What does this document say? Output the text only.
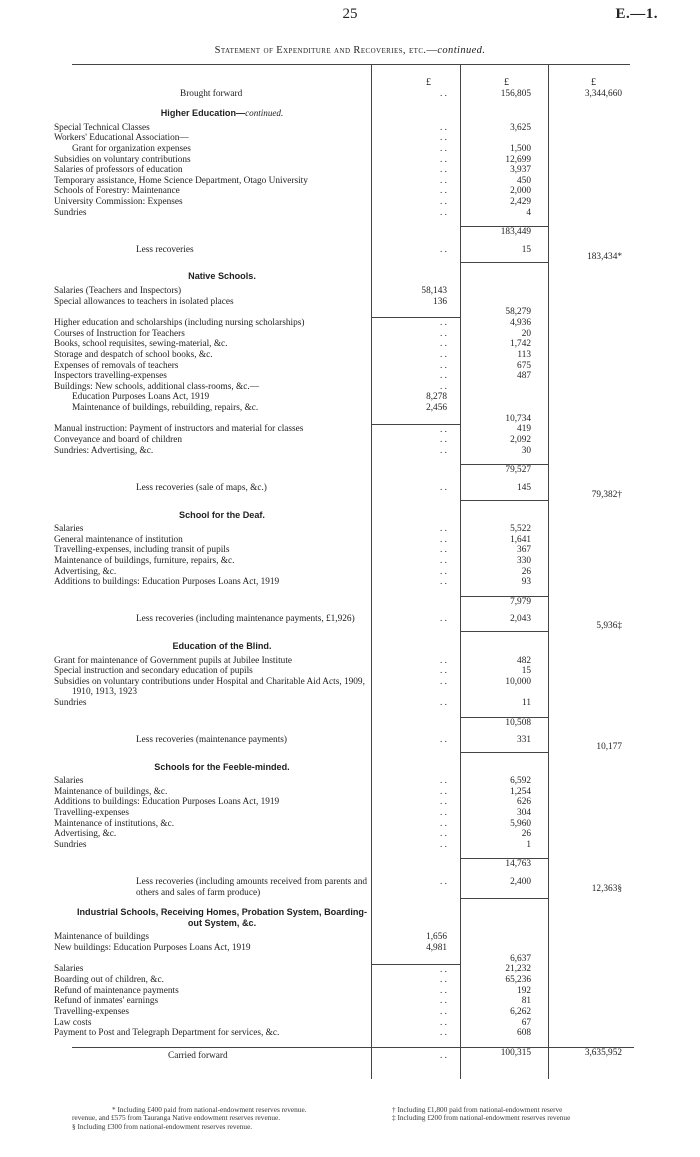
25	E.—1.
Statement of Expenditure and Recoveries, etc.—continued.
	£	£	£
Brought forward	. .	156,805	3,344,660
Higher Education—continued.			
Special Technical Classes	. .	3,625	
Workers' Educational Association—	. .		

Grant for organization expenses	. .	1,500	
Subsidies on voluntary contributions	. .	12,699	
Salaries of professors of education	. .	3,937	
Temporary assistance, Home Science Department, Otago University	. .	450	
Schools of Forestry: Maintenance	. .	2,000	
University Commission: Expenses	. .	2,429	
Sundries	. .	4	

		183,449	
Less recoveries	. .	15	183,434*
Native Schools.			
Salaries (Teachers and Inspectors)	58,143		
Special allowances to teachers in isolated places	136		
		58,279	
Higher education and scholarships (including nursing scholarships)	. .	4,936	
Courses of Instruction for Teachers	. .	20	
Books, school requisites, sewing-material, &c.	. .	1,742	
Storage and despatch of school books, &c.	. .	113	
Expenses of removals of teachers	. .	675	
Inspectors travelling-expenses	. .	487	
Buildings: New schools, additional class-rooms, &c.—	. .		

Education Purposes Loans Act, 1919	8,278		

Maintenance of buildings, rebuilding, repairs, &c.	2,456		
		10,734	
Manual instruction: Payment of instructors and material for classes	. .	419	
Conveyance and board of children	. .	2,092	
Sundries: Advertising, &c.	. .	30	

		79,527	
Less recoveries (sale of maps, &c.)	. .	145	79,382†
School for the Deaf.			
Salaries	. .	5,522	
General maintenance of institution	. .	1,641	
Travelling-expenses, including transit of pupils	. .	367	
Maintenance of buildings, furniture, repairs, &c.	. .	330	
Advertising, &c.	. .	26	
Additions to buildings: Education Purposes Loans Act, 1919	. .	93	

		7,979	
Less recoveries (including maintenance payments, £1,926)	. .	2,043	5,936‡
Education of the Blind.			
Grant for maintenance of Government pupils at Jubilee Institute	. .	482	
Special instruction and secondary education of pupils	. .	15	
Subsidies on voluntary contributions under Hospital and Charitable Aid Acts, 1909, 1910, 1913, 1923	. .	10,000	
Sundries	. .	11	

		10,508	
Less recoveries (maintenance payments)	. .	331	10,177
Schools for the Feeble-minded.			
Salaries	. .	6,592	
Maintenance of buildings, &c.	. .	1,254	
Additions to buildings: Education Purposes Loans Act, 1919	. .	626	
Travelling-expenses	. .	304	
Maintenance of institutions, &c.	. .	5,960	
Advertising, &c.	. .	26	
Sundries	. .	1	

		14,763	
Less recoveries (including amounts received from parents and others and sales of farm produce)	. .	2,400	12,363§
Industrial Schools, Receiving Homes, Probation System, Boarding-out System, &c.			
Maintenance of buildings	1,656		
New buildings: Education Purposes Loans Act, 1919	4,981		
		6,637	
Salaries	. .	21,232	
Boarding out of children, &c.	. .	65,236	
Refund of maintenance payments	. .	192	
Refund of inmates' earnings	. .	81	
Travelling-expenses	. .	6,262	
Law costs	. .	67	
Payment to Post and Telegraph Department for services, &c.	. .	608	

Carried forward	. .	100,315	3,635,952
* Including £400 paid from national-endowment reserves revenue.
revenue, and £575 from Tauranga Native endowment reserves revenue.
§ Including £300 from national-endowment reserves revenue.
† Including £1,800 paid from national-endowment reserve
‡ Including £200 from national-endowment reserves revenue
